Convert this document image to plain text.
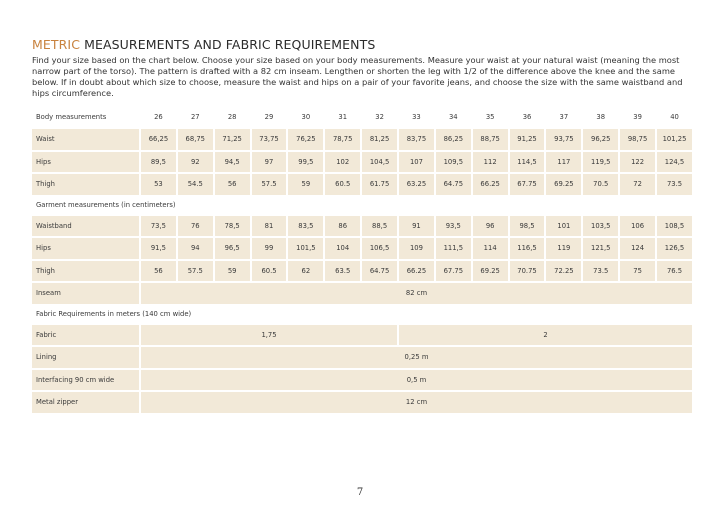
METRIC MEASUREMENTS AND FABRIC REQUIREMENTS

Find your size based on the chart below. Choose your size based on your body measurements. Measure your waist at your natural waist (meaning the most narrow part of the torso). The pattern is drafted with a 82 cm inseam. Lengthen or shorten the leg with 1/2 of the difference above the knee and the same below. If in doubt about which size to choose, measure the waist and hips on a pair of your favorite jeans, and choose the size with the same waistband and hips circumference.

Body measurements	26	27	28	29	30	31	32	33	34	35	36	37	38	39	40
Waist	66,25	68,75	71,25	73,75	76,25	78,75	81,25	83,75	86,25	88,75	91,25	93,75	96,25	98,75	101,25
Hips	89,5	92	94,5	97	99,5	102	104,5	107	109,5	112	114,5	117	119,5	122	124,5
Thigh	53	54.5	56	57.5	59	60.5	61.75	63.25	64.75	66.25	67.75	69.25	70.5	72	73.5
Garment measurements (in centimeters)															
Waistband	73,5	76	78,5	81	83,5	86	88,5	91	93,5	96	98,5	101	103,5	106	108,5
Hips	91,5	94	96,5	99	101,5	104	106,5	109	111,5	114	116,5	119	121,5	124	126,5
Thigh	56	57.5	59	60.5	62	63.5	64.75	66.25	67.75	69.25	70.75	72.25	73.5	75	76.5
Inseam	82 cm														
Fabric Requirements in meters (140 cm wide)															
Fabric	1,75							2							
Lining	0,25 m														
Interfacing 90 cm wide	0,5 m														
Metal zipper	12 cm														
7
